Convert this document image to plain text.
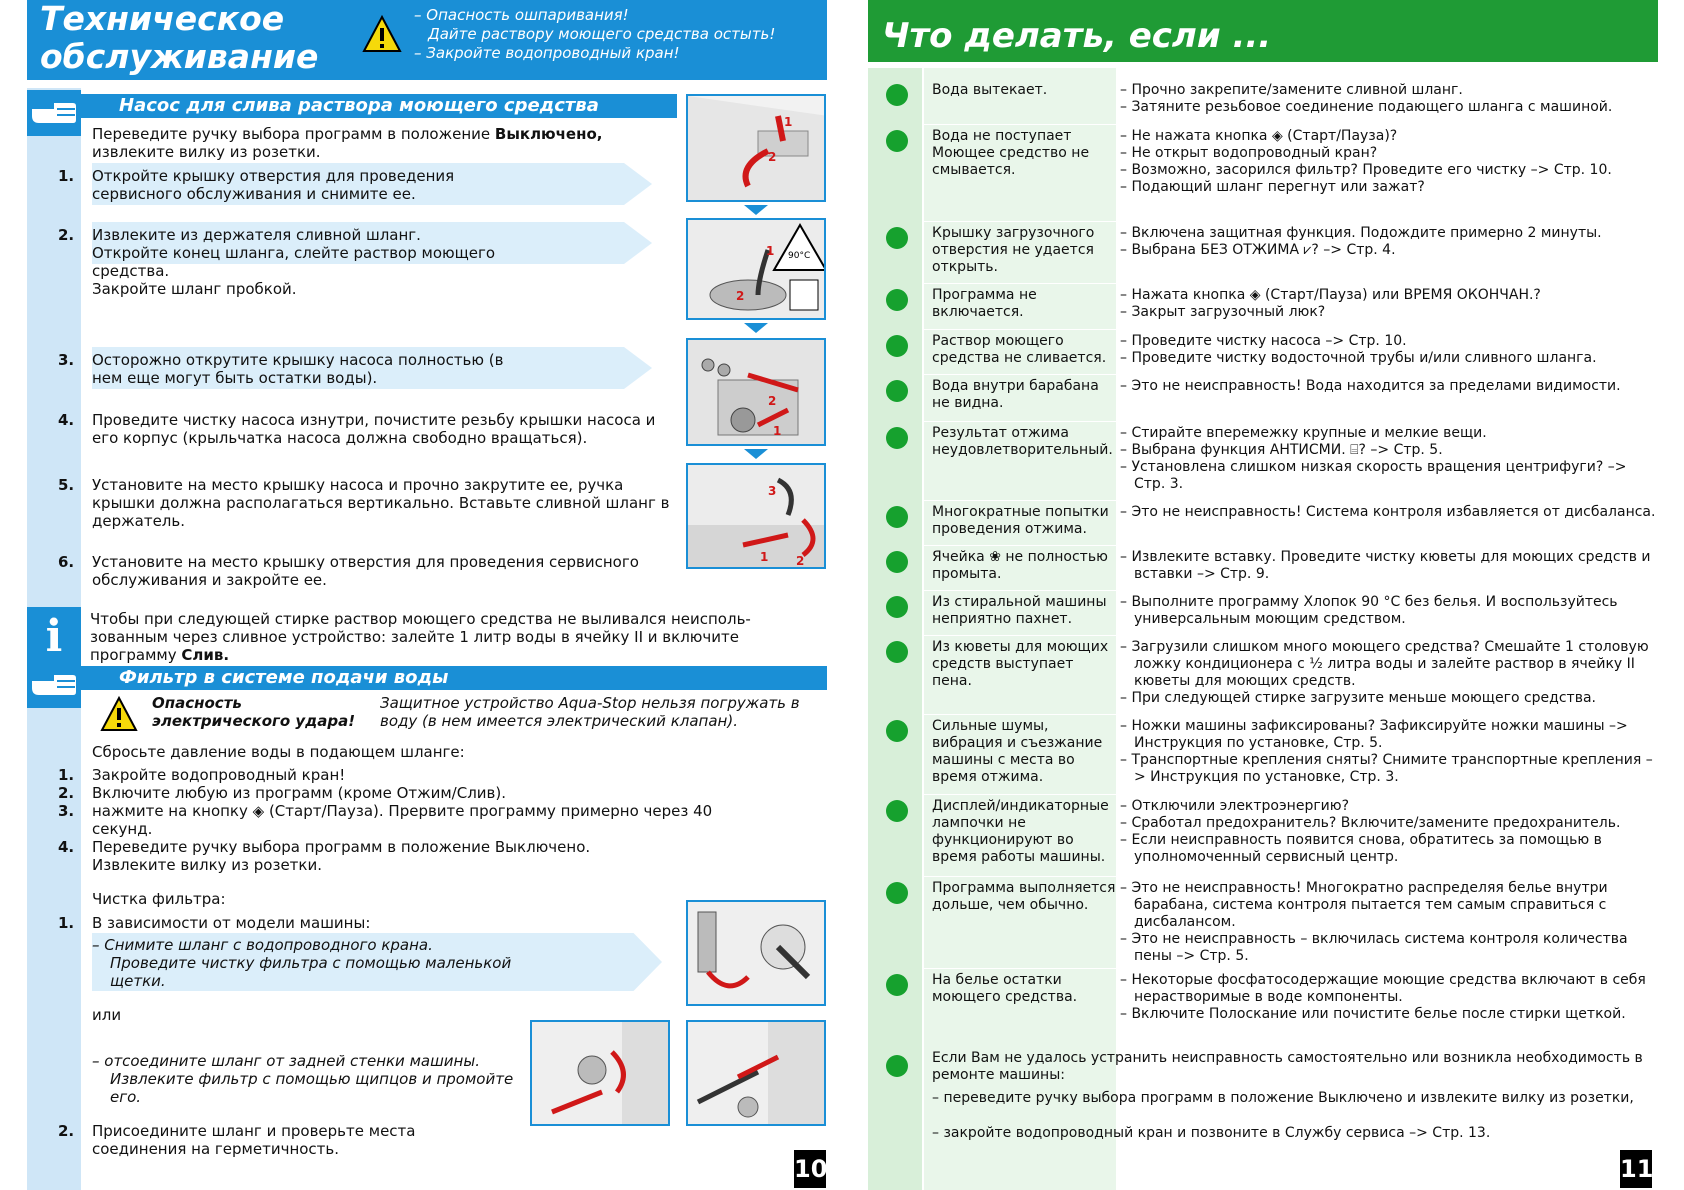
Техническое обслуживание
– Опасность ошпаривания!
Дайте раствору моющего средства остыть!
– Закройте водопроводный кран!
Насос для слива раствора моющего средства
Переведите ручку выбора программ в положение Выключено, извлеките вилку из розетки.
1. Откройте крышку отверстия для проведения сервисного обслуживания и снимите ее.
2. Извлеките из держателя сливной шланг.
Откройте конец шланга, слейте раствор моющего средства.
Закройте шланг пробкой.
3. Осторожно открутите крышку насоса полностью (в нем еще могут быть остатки воды).
4. Проведите чистку насоса изнутри, почистите резьбу крышки насоса и его корпус (крыльчатка насоса должна свободно вращаться).
5. Установите на место крышку насоса и прочно закрутите ее, ручка крышки должна располагаться вертикально. Вставьте сливной шланг в держатель.
6. Установите на место крышку отверстия для проведения сервисного обслуживания и закройте ее.
1
2
90°C
1
2
2
1
3
1 2
i	Чтобы при следующей стирке раствор моющего средства не выливался неисполь-зованным через сливное устройство: залейте 1 литр воды в ячейку II и включите программу Слив.
Фильтр в системе подачи воды
Опасность электрического удара!
Защитное устройство Aqua-Stop нельзя погружать в воду (в нем имеется электрический клапан).
Сбросьте давление воды в подающем шланге:
1. Закройте водопроводный кран!
2. Включите любую из программ (кроме Отжим/Слив).
3. нажмите на кнопку ◈ (Старт/Пауза). Прервите программу примерно через 40 секунд.
4. Переведите ручку выбора программ в положение Выключено.
Извлеките вилку из розетки.
Чистка фильтра:
1. В зависимости от модели машины:
– Снимите шланг с водопроводного крана.
Проведите чистку фильтра с помощью маленькой щетки.
или
– отсоедините шланг от задней стенки машины.
Извлеките фильтр с помощью щипцов и промойте его.
2. Присоедините шланг и проверьте места соединения на герметичность.
10
Что делать, если ...
Вода вытекает.	– Прочно закрепите/замените сливной шланг.
– Затяните резьбовое соединение подающего шланга с машиной.
Вода не поступает
Моющее средство не смывается.
– Не нажата кнопка ◈ (Старт/Пауза)?
– Не открыт водопроводный кран?
– Возможно, засорился фильтр? Проведите его чистку –> Стр. 10.
– Подающий шланг перегнут или зажат?
Крышку загрузочного отверстия не удается открыть.
– Включена защитная функция. Подождите примерно 2 минуты.
– Выбрана БЕЗ ОТЖИМА ⩗? –> Стр. 4.
Программа не включается.
– Нажата кнопка ◈ (Старт/Пауза) или ВРЕМЯ ОКОНЧАН.?
– Закрыт загрузочный люк?
Раствор моющего средства не сливается.
– Проведите чистку насоса –> Стр. 10.
– Проведите чистку водосточной трубы и/или сливного шланга.
Вода внутри барабана не видна.
– Это не неисправность! Вода находится за пределами видимости.
Результат отжима неудовлетворительный.
– Стирайте вперемежку крупные и мелкие вещи.
– Выбрана функция АНТИСМИ. ⌸? –> Стр. 5.
– Установлена слишком низкая скорость вращения центрифуги? –> Стр. 3.
Многократные попытки проведения отжима.
– Это не неисправность! Система контроля избавляется от дисбаланса.
Ячейка ❀ не полностью промыта.
– Извлеките вставку. Проведите чистку кюветы для моющих средств и вставки –> Стр. 9.
Из стиральной машины неприятно пахнет.
– Выполните программу Хлопок 90 °С без белья. И воспользуйтесь универсальным моющим средством.
Из кюветы для моющих средств выступает пена.
– Загрузили слишком много моющего средства? Смешайте 1 столовую ложку кондиционера с ½ литра воды и залейте раствор в ячейку II кюветы для моющих средств.
– При следующей стирке загрузите меньше моющего средства.
Сильные шумы, вибрация и съезжание машины с места во время отжима.
– Ножки машины зафиксированы? Зафиксируйте ножки машины –> Инструкция по установке, Стр. 5.
– Транспортные крепления сняты? Снимите транспортные крепления –> Инструкция по установке, Стр. 3.
Дисплей/индикаторные лампочки не функционируют во время работы машины.
– Отключили электроэнергию?
– Сработал предохранитель? Включите/замените предохранитель.
– Если неисправность появится снова, обратитесь за помощью в уполномоченный сервисный центр.
Программа выполняется дольше, чем обычно.
– Это не неисправность! Многократно распределяя белье внутри барабана, система контроля пытается тем самым справиться с дисбалансом.
– Это не неисправность – включилась система контроля количества пены –> Стр. 5.
На белье остатки моющего средства.
– Некоторые фосфатосодержащие моющие средства включают в себя нерастворимые в воде компоненты.
– Включите Полоскание или почистите белье после стирки щеткой.
Если Вам не удалось устранить неисправность самостоятельно или возникла необходимость в ремонте машины:
– переведите ручку выбора программ в положение Выключено и извлеките вилку из розетки,
– закройте водопроводный кран и позвоните в Службу сервиса –> Стр. 13.
11
